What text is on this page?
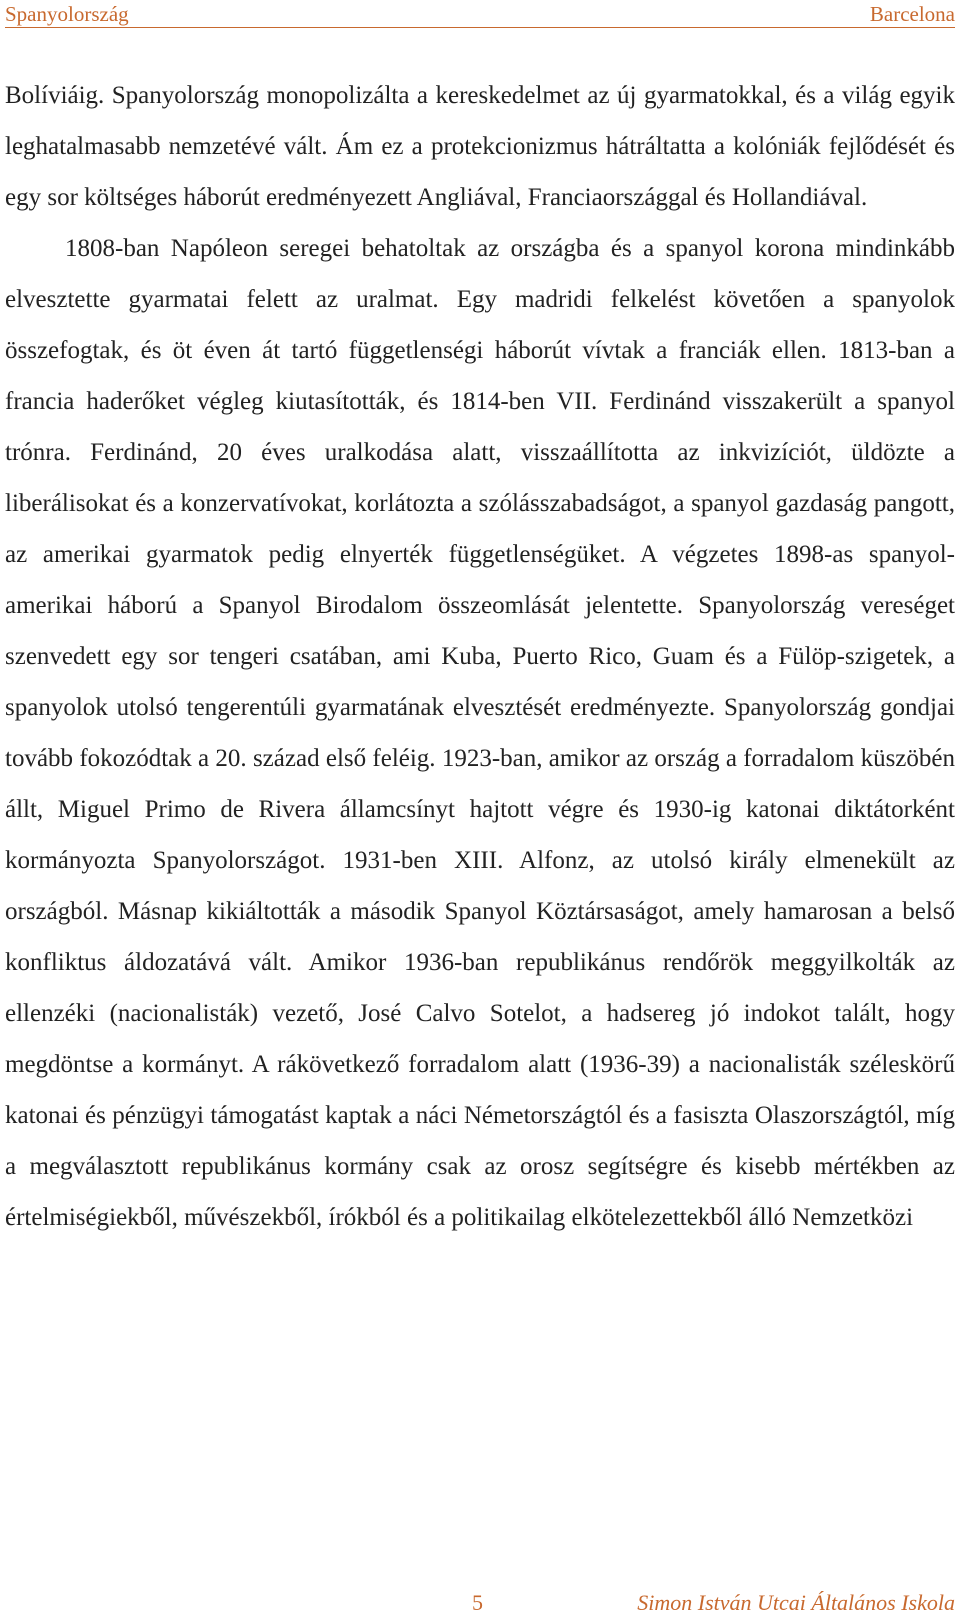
Spanyolország	Barcelona

Bolíviáig. Spanyolország monopolizálta a kereskedelmet az új gyarmatokkal, és a világ egyik leghatalmasabb nemzetévé vált. Ám ez a protekcionizmus hátráltatta a kolóniák fejlődését és egy sor költséges háborút eredményezett Angliával, Franciaországgal és Hollandiával.

1808-ban Napóleon seregei behatoltak az országba és a spanyol korona mindinkább elvesztette gyarmatai felett az uralmat. Egy madridi felkelést követően a spanyolok összefogtak, és öt éven át tartó függetlenségi háborút vívtak a franciák ellen. 1813-ban a francia haderőket végleg kiutasították, és 1814-ben VII. Ferdinánd visszakerült a spanyol trónra. Ferdinánd, 20 éves uralkodása alatt, visszaállította az inkvizíciót, üldözte a liberálisokat és a konzervatívokat, korlátozta a szólásszabadságot, a spanyol gazdaság pangott, az amerikai gyarmatok pedig elnyerték függetlenségüket. A végzetes 1898-as spanyol-amerikai háború a Spanyol Birodalom összeomlását jelentette. Spanyolország vereséget szenvedett egy sor tengeri csatában, ami Kuba, Puerto Rico, Guam és a Fülöp-szigetek, a spanyolok utolsó tengerentúli gyarmatának elvesztését eredményezte. Spanyolország gondjai tovább fokozódtak a 20. század első feléig. 1923-ban, amikor az ország a forradalom küszöbén állt, Miguel Primo de Rivera államcsínyt hajtott végre és 1930-ig katonai diktátorként kormányozta Spanyolországot. 1931-ben XIII. Alfonz, az utolsó király elmenekült az országból. Másnap kikiáltották a második Spanyol Köztársaságot, amely hamarosan a belső konfliktus áldozatává vált. Amikor 1936-ban republikánus rendőrök meggyilkolták az ellenzéki (nacionalisták) vezető, José Calvo Sotelot, a hadsereg jó indokot talált, hogy megdöntse a kormányt. A rákövetkező forradalom alatt (1936-39) a nacionalisták széleskörű katonai és pénzügyi támogatást kaptak a náci Németországtól és a fasiszta Olaszországtól, míg a megválasztott republikánus kormány csak az orosz segítségre és kisebb mértékben az értelmiségiekből, művészekből, írókból és a politikailag elkötelezettekből álló Nemzetközi

5	Simon István Utcai Általános Iskola
